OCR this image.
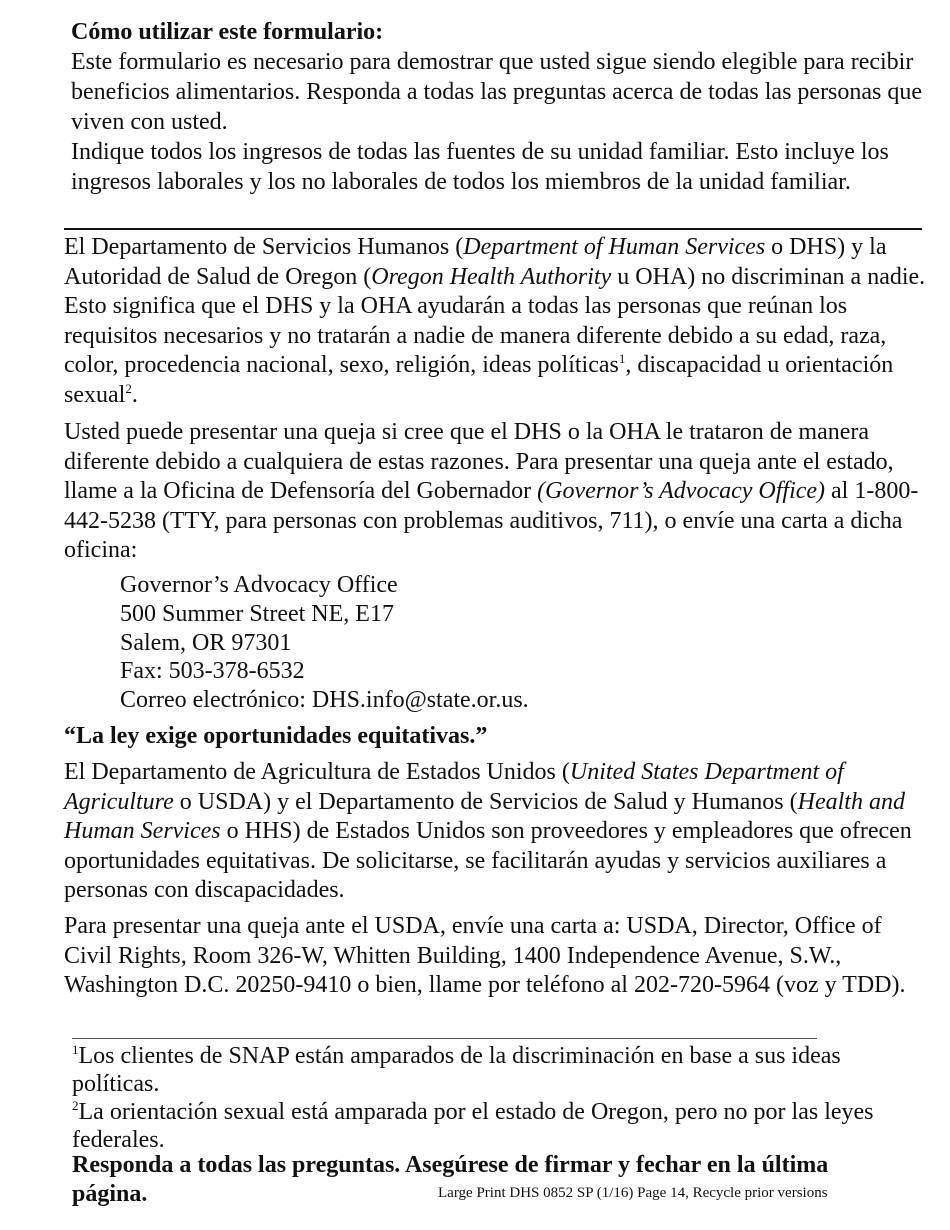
Cómo utilizar este formulario:

Este formulario es necesario para demostrar que usted sigue siendo elegible para recibir beneficios alimentarios. Responda a todas las preguntas acerca de todas las personas que viven con usted.

Indique todos los ingresos de todas las fuentes de su unidad familiar. Esto incluye los ingresos laborales y los no laborales de todos los miembros de la unidad familiar.

El Departamento de Servicios Humanos (Department of Human Services o DHS) y la Autoridad de Salud de Oregon (Oregon Health Authority u OHA) no discriminan a nadie. Esto significa que el DHS y la OHA ayudarán a todas las personas que reúnan los requisitos necesarios y no tratarán a nadie de manera diferente debido a su edad, raza, color, procedencia nacional, sexo, religión, ideas políticas$^1$, discapacidad u orientación sexual$^2$.

Usted puede presentar una queja si cree que el DHS o la OHA le trataron de manera diferente debido a cualquiera de estas razones. Para presentar una queja ante el estado, llame a la Oficina de Defensoría del Gobernador (Governor’s Advocacy Office) al 1-800-442-5238 (TTY, para personas con problemas auditivos, 711), o envíe una carta a dicha oficina:

Governor’s Advocacy Office

500 Summer Street NE, E17

Salem, OR 97301

Fax: 503-378-6532

Correo electrónico: DHS.info@state.or.us.

“La ley exige oportunidades equitativas.”

El Departamento de Agricultura de Estados Unidos (United States Department of Agriculture o USDA) y el Departamento de Servicios de Salud y Humanos (Health and Human Services o HHS) de Estados Unidos son proveedores y empleadores que ofrecen oportunidades equitativas. De solicitarse, se facilitarán ayudas y servicios auxiliares a personas con discapacidades.

Para presentar una queja ante el USDA, envíe una carta a: USDA, Director, Office of Civil Rights, Room 326-W, Whitten Building, 1400 Independence Avenue, S.W., Washington D.C. 20250-9410 o bien, llame por teléfono al 202-720-5964 (voz y TDD).

$^1$Los clientes de SNAP están amparados de la discriminación en base a sus ideas políticas.

$^2$La orientación sexual está amparada por el estado de Oregon, pero no por las leyes federales.

Responda a todas las preguntas. Asegúrese de firmar y fechar en la última página.	Large Print DHS 0852 SP (1/16) Page 14, Recycle prior versions
